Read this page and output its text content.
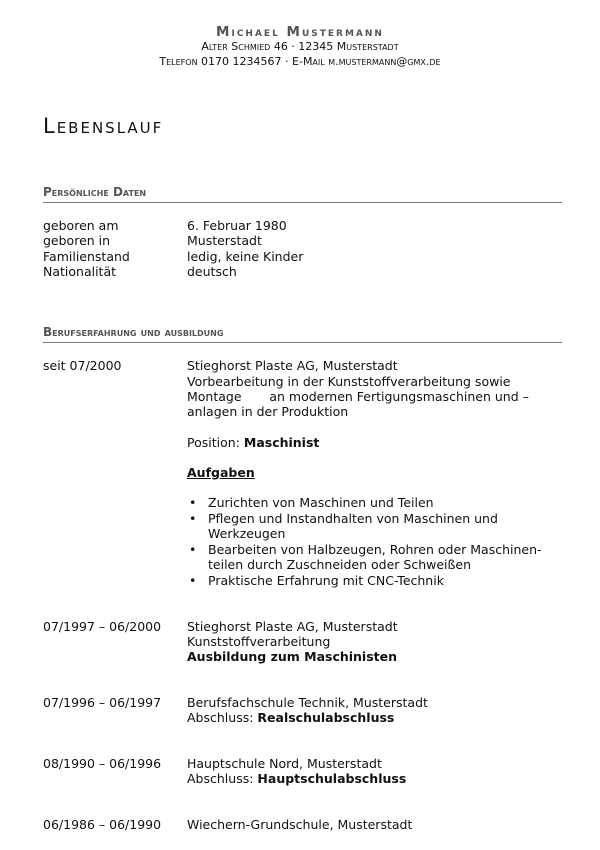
Michael Mustermann
Alter Schmied 46 · 12345 Musterstadt
Telefon 0170 1234567 · E-Mail m.mustermann@gmx.de
Lebenslauf
Persönliche Daten
geboren am	6. Februar 1980
geboren in	Musterstadt
Familienstand	ledig, keine Kinder
Nationalität	deutsch
Berufserfahrung und ausbildung
seit 07/2000	Stieghorst Plaste AG, Musterstadt
Vorbearbeitung in der Kunststoffverarbeitung sowie
Montage       an modernen Fertigungsmaschinen und –
anlagen in der Produktion
Position: Maschinist
Aufgaben
• Zurichten von Maschinen und Teilen
• Pflegen und Instandhalten von Maschinen und Werkzeugen
• Bearbeiten von Halbzeugen, Rohren oder Maschinen-teilen durch Zuschneiden oder Schweißen
• Praktische Erfahrung mit CNC-Technik
07/1997 – 06/2000 Stieghorst Plaste AG, Musterstadt
Kunststoffverarbeitung
Ausbildung zum Maschinisten
07/1996 – 06/1997 Berufsfachschule Technik, Musterstadt
Abschluss: Realschulabschluss
08/1990 – 06/1996 Hauptschule Nord, Musterstadt
Abschluss: Hauptschulabschluss
06/1986 – 06/1990 Wiechern-Grundschule, Musterstadt
